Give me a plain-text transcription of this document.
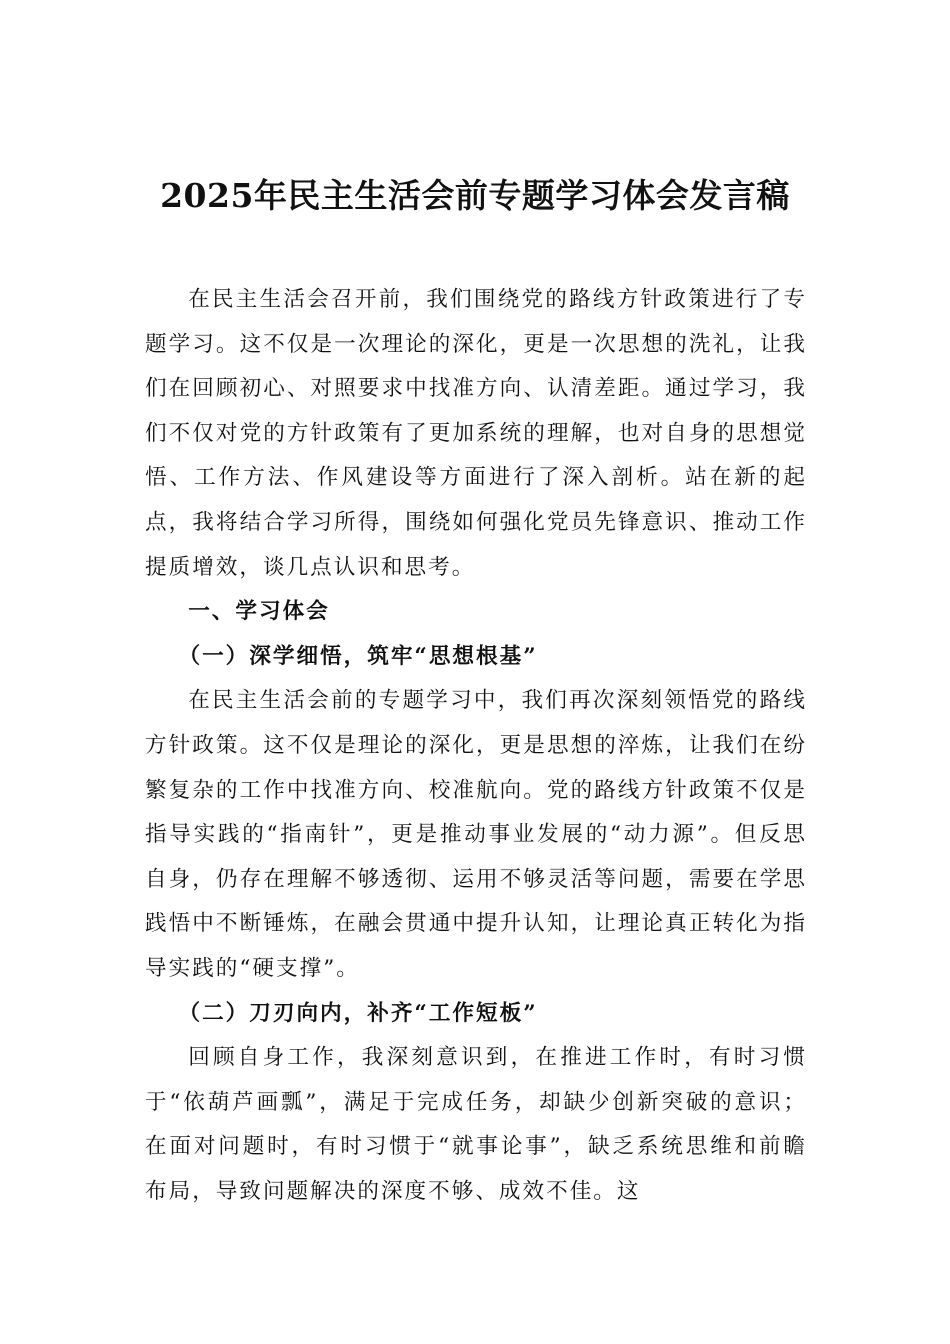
2025年民主生活会前专题学习体会发言稿

在民主生活会召开前，我们围绕党的路线方针政策进行了专题学习。这不仅是一次理论的深化，更是一次思想的洗礼，让我们在回顾初心、对照要求中找准方向、认清差距。通过学习，我们不仅对党的方针政策有了更加系统的理解，也对自身的思想觉悟、工作方法、作风建设等方面进行了深入剖析。站在新的起点，我将结合学习所得，围绕如何强化党员先锋意识、推动工作提质增效，谈几点认识和思考。

一、学习体会

（一）深学细悟，筑牢“思想根基”

在民主生活会前的专题学习中，我们再次深刻领悟党的路线方针政策。这不仅是理论的深化，更是思想的淬炼，让我们在纷繁复杂的工作中找准方向、校准航向。党的路线方针政策不仅是指导实践的“指南针”，更是推动事业发展的“动力源”。但反思自身，仍存在理解不够透彻、运用不够灵活等问题，需要在学思践悟中不断锤炼，在融会贯通中提升认知，让理论真正转化为指导实践的“硬支撑”。

（二）刀刃向内，补齐“工作短板”

回顾自身工作，我深刻意识到，在推进工作时，有时习惯于“依葫芦画瓢”，满足于完成任务，却缺少创新突破的意识；在面对问题时，有时习惯于“就事论事”，缺乏系统思维和前瞻布局，导致问题解决的深度不够、成效不佳。这
